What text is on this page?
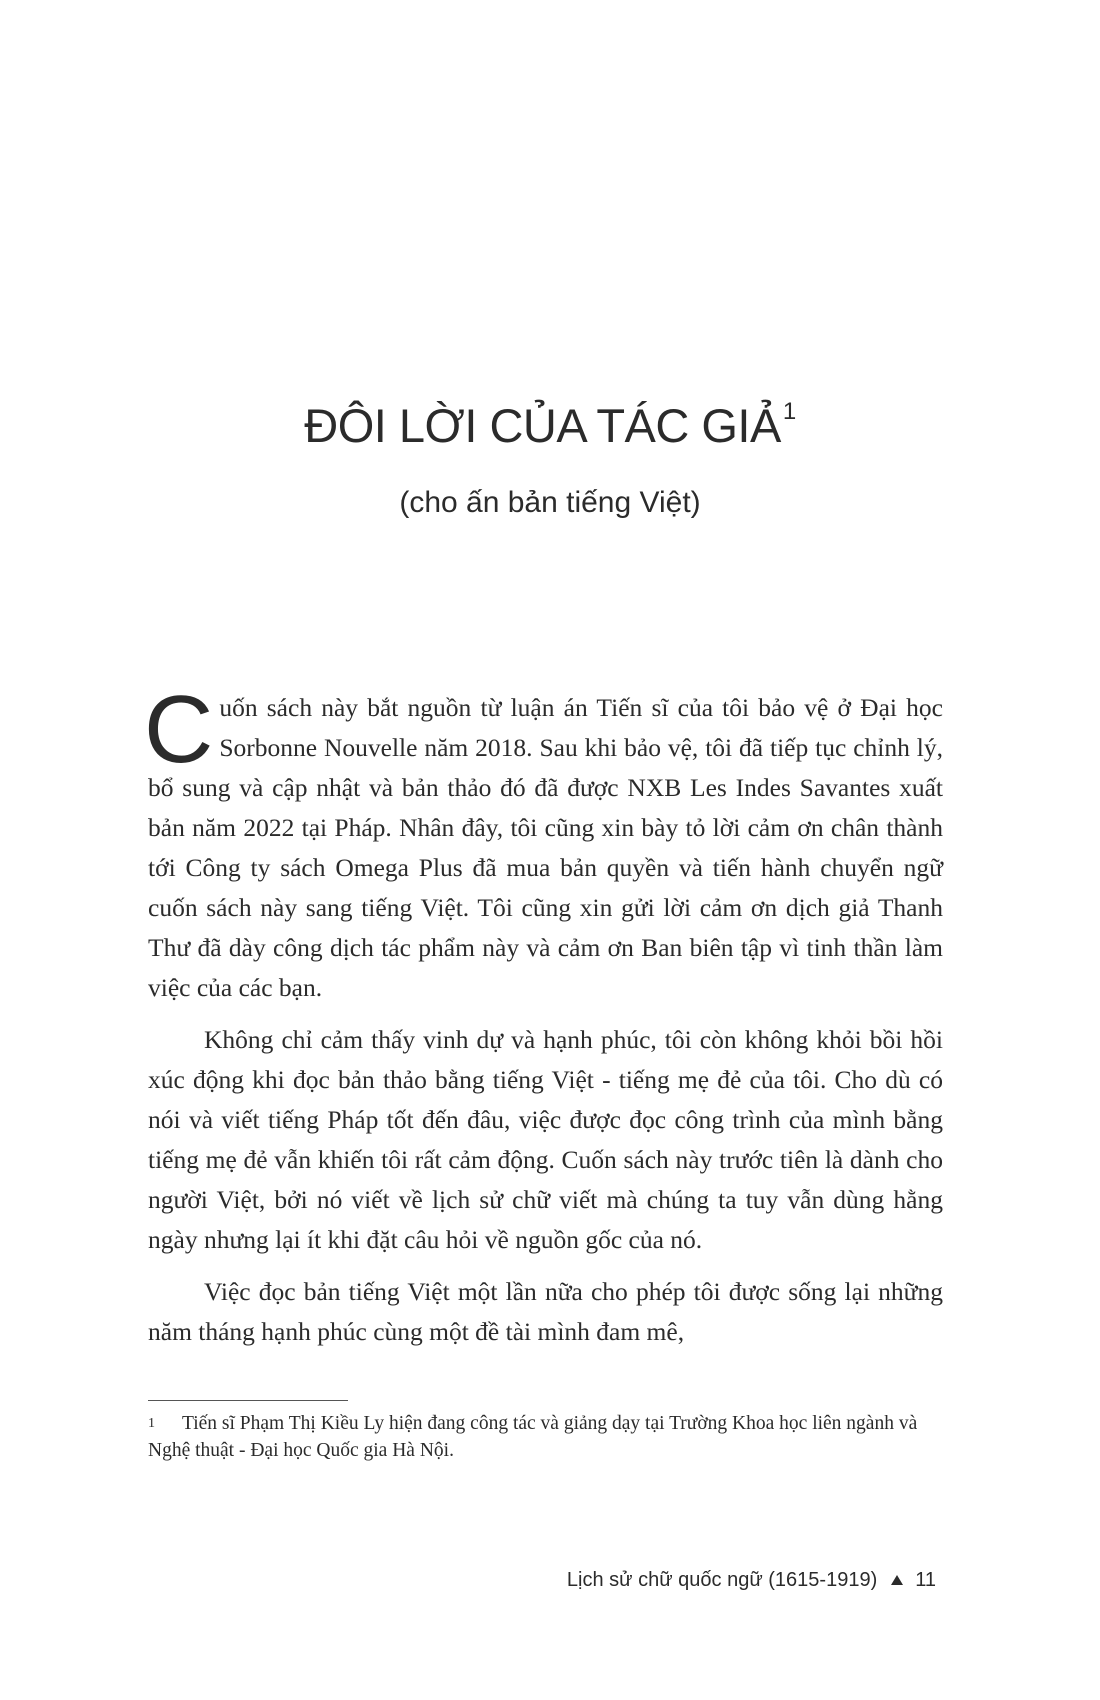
ĐÔI LỜI CỦA TÁC GIẢ$^1$
(cho ấn bản tiếng Việt)

Cuốn sách này bắt nguồn từ luận án Tiến sĩ của tôi bảo vệ ở Đại học Sorbonne Nouvelle năm 2018. Sau khi bảo vệ, tôi đã tiếp tục chỉnh lý, bổ sung và cập nhật và bản thảo đó đã được NXB Les Indes Savantes xuất bản năm 2022 tại Pháp. Nhân đây, tôi cũng xin bày tỏ lời cảm ơn chân thành tới Công ty sách Omega Plus đã mua bản quyền và tiến hành chuyển ngữ cuốn sách này sang tiếng Việt. Tôi cũng xin gửi lời cảm ơn dịch giả Thanh Thư đã dày công dịch tác phẩm này và cảm ơn Ban biên tập vì tinh thần làm việc của các bạn.

Không chỉ cảm thấy vinh dự và hạnh phúc, tôi còn không khỏi bồi hồi xúc động khi đọc bản thảo bằng tiếng Việt - tiếng mẹ đẻ của tôi. Cho dù có nói và viết tiếng Pháp tốt đến đâu, việc được đọc công trình của mình bằng tiếng mẹ đẻ vẫn khiến tôi rất cảm động. Cuốn sách này trước tiên là dành cho người Việt, bởi nó viết về lịch sử chữ viết mà chúng ta tuy vẫn dùng hằng ngày nhưng lại ít khi đặt câu hỏi về nguồn gốc của nó.

Việc đọc bản tiếng Việt một lần nữa cho phép tôi được sống lại những năm tháng hạnh phúc cùng một đề tài mình đam mê,

1 Tiến sĩ Phạm Thị Kiều Ly hiện đang công tác và giảng dạy tại Trường Khoa học liên ngành và Nghệ thuật - Đại học Quốc gia Hà Nội.
Lịch sử chữ quốc ngữ (1615-1919) 11
